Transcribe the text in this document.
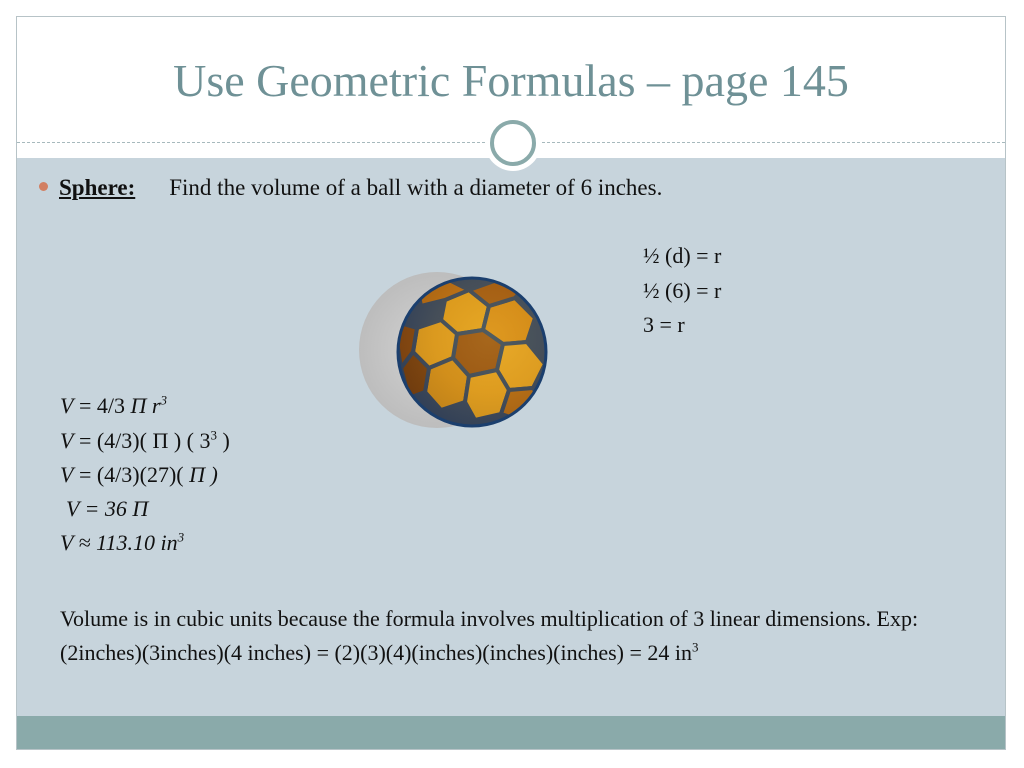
Use Geometric Formulas – page 145
Sphere: Find the volume of a ball with a diameter of 6 inches.
½ (d) = r
½ (6) = r
3 = r
V = 4/3 Π $r^3$
V = (4/3)( Π ) ( $3^3$ )
V = (4/3)(27)( Π )
V = 36 Π
V ≈ 113.10 $in^3$
Volume is in cubic units because the formula involves multiplication of 3 linear dimensions. Exp: (2inches)(3inches)(4 inches) = (2)(3)(4)(inches)(inches)(inches) = 24 $in^3$
